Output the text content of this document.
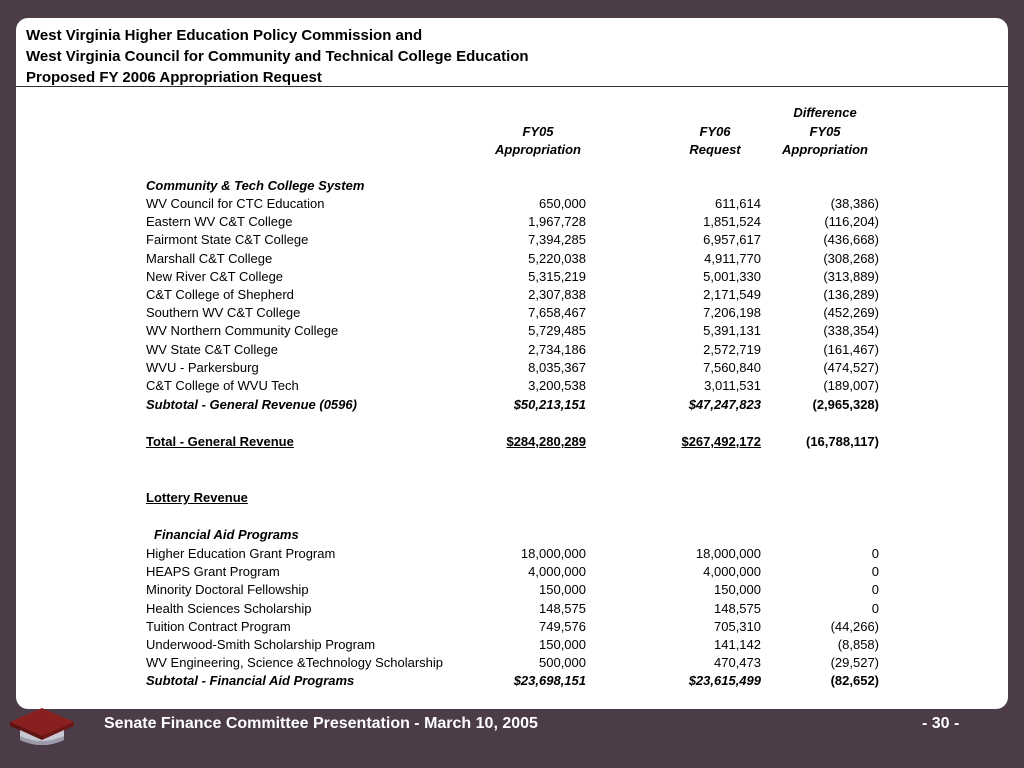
West Virginia Higher Education Policy Commission and
West Virginia Council for Community and Technical College Education
Proposed FY 2006 Appropriation Request
Difference
FY05	FY06	FY05
Appropriation	Request	Appropriation
Community & Tech College System
WV Council for CTC Education	650,000	611,614	(38,386)
Eastern WV C&T College	1,967,728	1,851,524	(116,204)
Fairmont State C&T College	7,394,285	6,957,617	(436,668)
Marshall C&T College	5,220,038	4,911,770	(308,268)
New River C&T College	5,315,219	5,001,330	(313,889)
C&T College of Shepherd	2,307,838	2,171,549	(136,289)
Southern WV C&T College	7,658,467	7,206,198	(452,269)
WV Northern Community College	5,729,485	5,391,131	(338,354)
WV State C&T College	2,734,186	2,572,719	(161,467)
WVU - Parkersburg	8,035,367	7,560,840	(474,527)
C&T College of WVU Tech	3,200,538	3,011,531	(189,007)
Subtotal - General Revenue (0596)	$50,213,151	$47,247,823	(2,965,328)
Total - General Revenue	$284,280,289	$267,492,172	(16,788,117)
Lottery Revenue
Financial Aid Programs
Higher Education Grant Program	18,000,000	18,000,000	0
HEAPS Grant Program	4,000,000	4,000,000	0
Minority Doctoral Fellowship	150,000	150,000	0
Health Sciences Scholarship	148,575	148,575	0
Tuition Contract Program	749,576	705,310	(44,266)
Underwood-Smith Scholarship Program	150,000	141,142	(8,858)
WV Engineering, Science &Technology Scholarship	500,000	470,473	(29,527)
Subtotal - Financial Aid Programs	$23,698,151	$23,615,499	(82,652)
Senate Finance Committee Presentation - March 10, 2005	- 30 -
